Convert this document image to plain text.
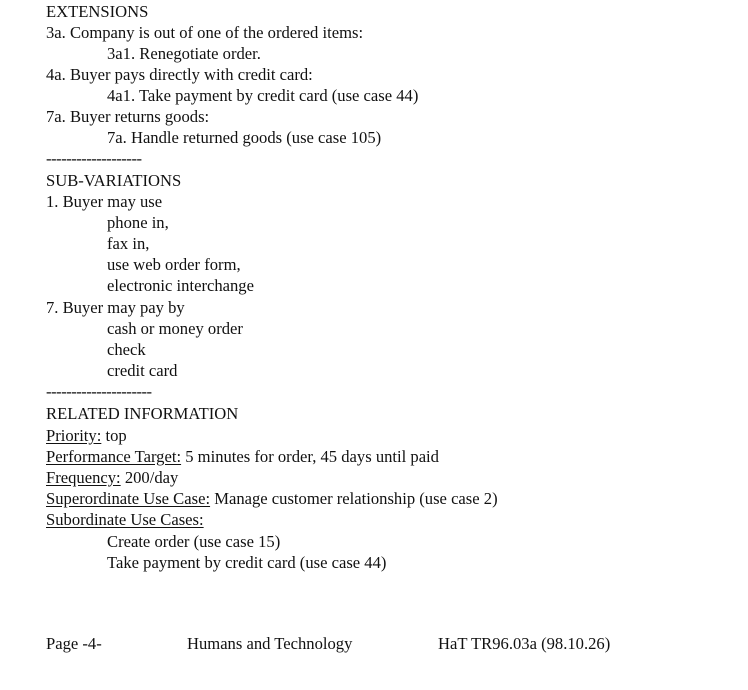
EXTENSIONS
3a. Company is out of one of the ordered items:
3a1. Renegotiate order.
4a. Buyer pays directly with credit card:
4a1. Take payment by credit card (use case 44)
7a. Buyer returns goods:
7a. Handle returned goods (use case 105)
-------------------
SUB-VARIATIONS
1. Buyer may use
phone in,
fax in,
use web order form,
electronic interchange
7. Buyer may pay by
cash or money order
check
credit card
---------------------
RELATED INFORMATION
Priority: top
Performance Target: 5 minutes for order, 45 days until paid
Frequency: 200/day
Superordinate Use Case: Manage customer relationship (use case 2)
Subordinate Use Cases:
Create order (use case 15)
Take payment by credit card (use case 44)
Page -4-	Humans and Technology	HaT TR96.03a (98.10.26)
